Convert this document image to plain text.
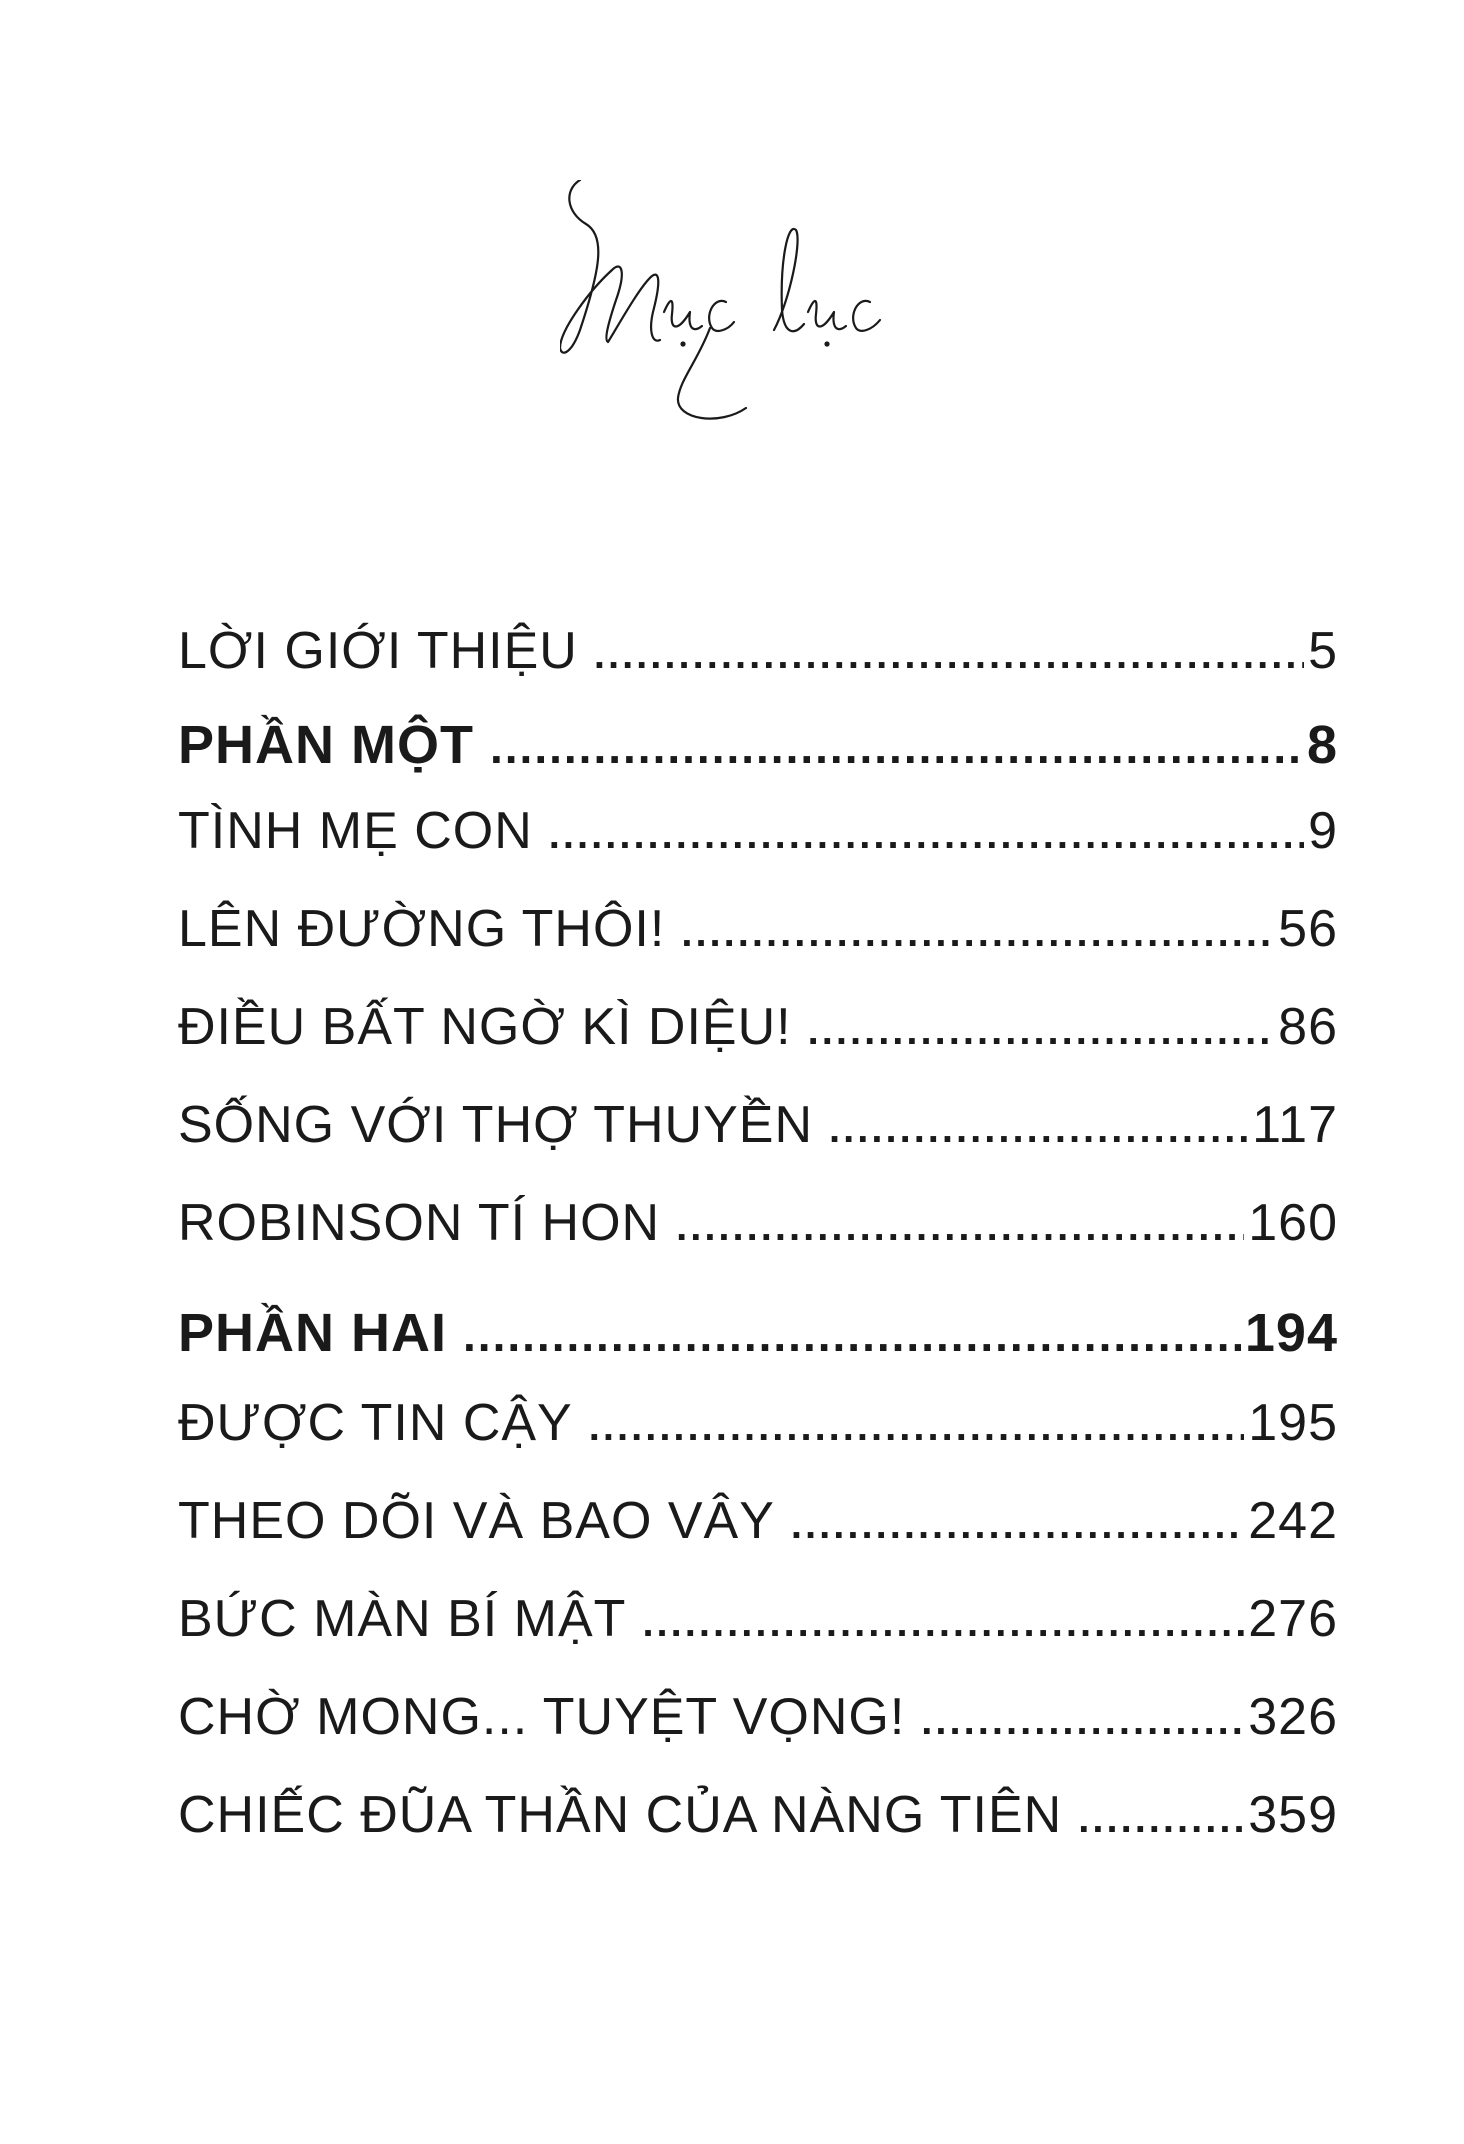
LỜI GIỚI THIỆU .....	5
PHẦN MỘT .....	8
TÌNH MẸ CON .....	9
LÊN ĐƯỜNG THÔI! .....	56
ĐIỀU BẤT NGỜ KÌ DIỆU! .....	86
SỐNG VỚI THỢ THUYỀN .....	117
ROBINSON TÍ HON .....	160
PHẦN HAI .....	194
ĐƯỢC TIN CẬY .....	195
THEO DÕI VÀ BAO VÂY .....	242
BỨC MÀN BÍ MẬT .....	276
CHỜ MONG... TUYỆT VỌNG! .....	326
CHIẾC ĐŨA THẦN CỦA NÀNG TIÊN .....	359
